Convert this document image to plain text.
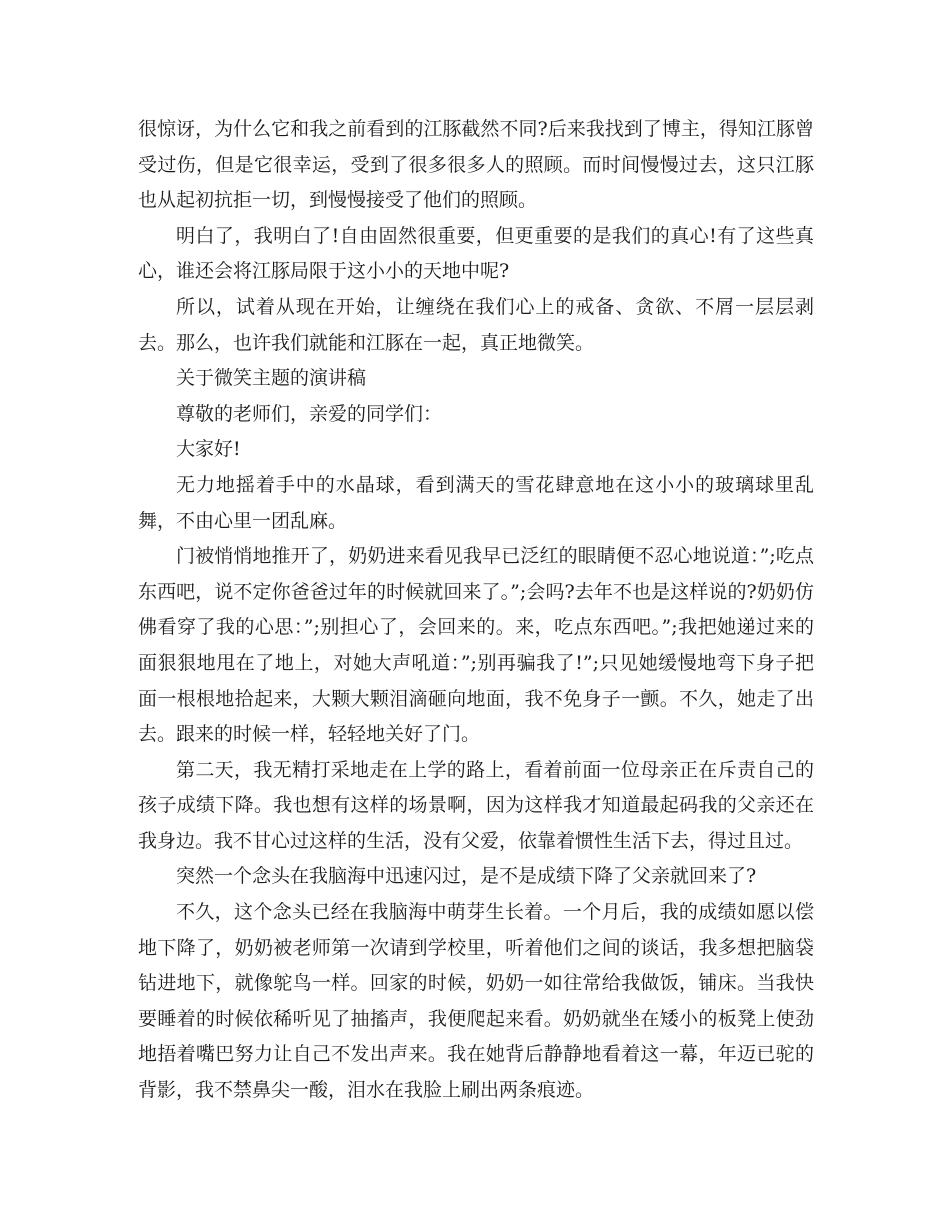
很惊讶，为什么它和我之前看到的江豚截然不同?后来我找到了博主，得知江豚曾受过伤，但是它很幸运，受到了很多很多人的照顾。而时间慢慢过去，这只江豚也从起初抗拒一切，到慢慢接受了他们的照顾。

明白了，我明白了!自由固然很重要，但更重要的是我们的真心!有了这些真心，谁还会将江豚局限于这小小的天地中呢?

所以，试着从现在开始，让缠绕在我们心上的戒备、贪欲、不屑一层层剥去。那么，也许我们就能和江豚在一起，真正地微笑。

关于微笑主题的演讲稿

尊敬的老师们，亲爱的同学们：

大家好!

无力地摇着手中的水晶球，看到满天的雪花肆意地在这小小的玻璃球里乱舞，不由心里一团乱麻。

门被悄悄地推开了，奶奶进来看见我早已泛红的眼睛便不忍心地说道：”;吃点东西吧，说不定你爸爸过年的时候就回来了。”;会吗?去年不也是这样说的?奶奶仿佛看穿了我的心思：”;别担心了，会回来的。来，吃点东西吧。”;我把她递过来的面狠狠地甩在了地上，对她大声吼道：”;别再骗我了!”;只见她缓慢地弯下身子把面一根根地拾起来，大颗大颗泪滴砸向地面，我不免身子一颤。不久，她走了出去。跟来的时候一样，轻轻地关好了门。

第二天，我无精打采地走在上学的路上，看着前面一位母亲正在斥责自己的孩子成绩下降。我也想有这样的场景啊，因为这样我才知道最起码我的父亲还在我身边。我不甘心过这样的生活，没有父爱，依靠着惯性生活下去，得过且过。

突然一个念头在我脑海中迅速闪过，是不是成绩下降了父亲就回来了?

不久，这个念头已经在我脑海中萌芽生长着。一个月后，我的成绩如愿以偿地下降了，奶奶被老师第一次请到学校里，听着他们之间的谈话，我多想把脑袋钻进地下，就像鸵鸟一样。回家的时候，奶奶一如往常给我做饭，铺床。当我快要睡着的时候依稀听见了抽搐声，我便爬起来看。奶奶就坐在矮小的板凳上使劲地捂着嘴巴努力让自己不发出声来。我在她背后静静地看着这一幕，年迈已驼的背影，我不禁鼻尖一酸，泪水在我脸上刷出两条痕迹。
